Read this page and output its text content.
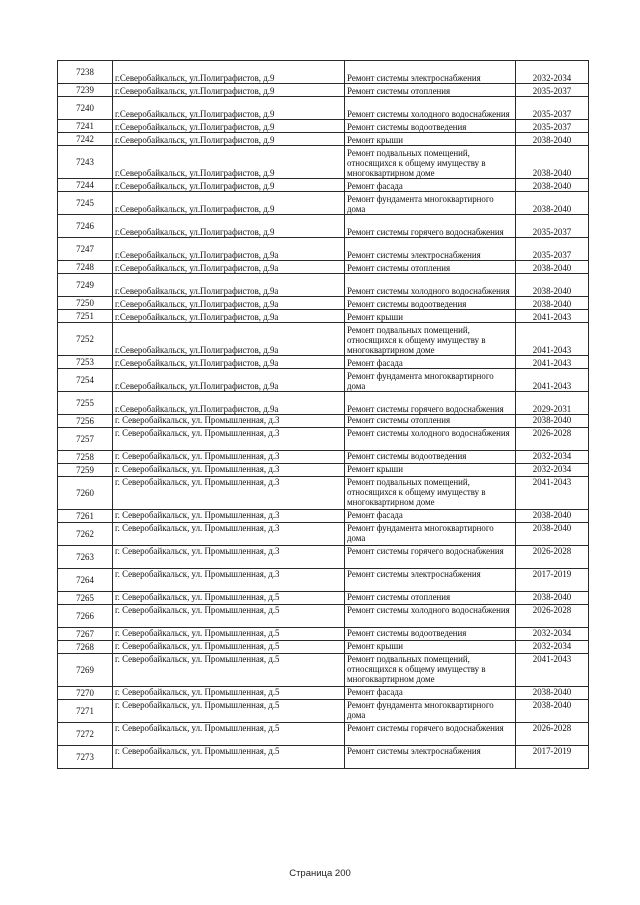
7238	г.Северобайкальск, ул.Полиграфистов, д.9	Ремонт системы электроснабжения	2032-2034
7239	г.Северобайкальск, ул.Полиграфистов, д.9	Ремонт системы отопления	2035-2037
7240	г.Северобайкальск, ул.Полиграфистов, д.9	Ремонт системы холодного водоснабжения	2035-2037
7241	г.Северобайкальск, ул.Полиграфистов, д.9	Ремонт системы водоотведения	2035-2037
7242	г.Северобайкальск, ул.Полиграфистов, д.9	Ремонт крыши	2038-2040
7243	г.Северобайкальск, ул.Полиграфистов, д.9	Ремонт подвальных помещений, относящихся к общему имуществу в многоквартирном доме	2038-2040
7244	г.Северобайкальск, ул.Полиграфистов, д.9	Ремонт фасада	2038-2040
7245	г.Северобайкальск, ул.Полиграфистов, д.9	Ремонт фундамента многоквартирного дома	2038-2040
7246	г.Северобайкальск, ул.Полиграфистов, д.9	Ремонт системы горячего водоснабжения	2035-2037
7247	г.Северобайкальск, ул.Полиграфистов, д.9а	Ремонт системы электроснабжения	2035-2037
7248	г.Северобайкальск, ул.Полиграфистов, д.9а	Ремонт системы отопления	2038-2040
7249	г.Северобайкальск, ул.Полиграфистов, д.9а	Ремонт системы холодного водоснабжения	2038-2040
7250	г.Северобайкальск, ул.Полиграфистов, д.9а	Ремонт системы водоотведения	2038-2040
7251	г.Северобайкальск, ул.Полиграфистов, д.9а	Ремонт крыши	2041-2043
7252	г.Северобайкальск, ул.Полиграфистов, д.9а	Ремонт подвальных помещений, относящихся к общему имуществу в многоквартирном доме	2041-2043
7253	г.Северобайкальск, ул.Полиграфистов, д.9а	Ремонт фасада	2041-2043
7254	г.Северобайкальск, ул.Полиграфистов, д.9а	Ремонт фундамента многоквартирного дома	2041-2043
7255	г.Северобайкальск, ул.Полиграфистов, д.9а	Ремонт системы горячего водоснабжения	2029-2031
7256	г. Северобайкальск, ул. Промышленная, д.3	Ремонт системы отопления	2038-2040
7257	г. Северобайкальск, ул. Промышленная, д.3	Ремонт системы холодного водоснабжения	2026-2028
7258	г. Северобайкальск, ул. Промышленная, д.3	Ремонт системы водоотведения	2032-2034
7259	г. Северобайкальск, ул. Промышленная, д.3	Ремонт крыши	2032-2034
7260	г. Северобайкальск, ул. Промышленная, д.3	Ремонт подвальных помещений, относящихся к общему имуществу в многоквартирном доме	2041-2043
7261	г. Северобайкальск, ул. Промышленная, д.3	Ремонт фасада	2038-2040
7262	г. Северобайкальск, ул. Промышленная, д.3	Ремонт фундамента многоквартирного дома	2038-2040
7263	г. Северобайкальск, ул. Промышленная, д.3	Ремонт системы горячего водоснабжения	2026-2028
7264	г. Северобайкальск, ул. Промышленная, д.3	Ремонт системы электроснабжения	2017-2019
7265	г. Северобайкальск, ул. Промышленная, д.5	Ремонт системы отопления	2038-2040
7266	г. Северобайкальск, ул. Промышленная, д.5	Ремонт системы холодного водоснабжения	2026-2028
7267	г. Северобайкальск, ул. Промышленная, д.5	Ремонт системы водоотведения	2032-2034
7268	г. Северобайкальск, ул. Промышленная, д.5	Ремонт крыши	2032-2034
7269	г. Северобайкальск, ул. Промышленная, д.5	Ремонт подвальных помещений, относящихся к общему имуществу в многоквартирном доме	2041-2043
7270	г. Северобайкальск, ул. Промышленная, д.5	Ремонт фасада	2038-2040
7271	г. Северобайкальск, ул. Промышленная, д.5	Ремонт фундамента многоквартирного дома	2038-2040
7272	г. Северобайкальск, ул. Промышленная, д.5	Ремонт системы горячего водоснабжения	2026-2028
7273	г. Северобайкальск, ул. Промышленная, д.5	Ремонт системы электроснабжения	2017-2019
Страница 200
